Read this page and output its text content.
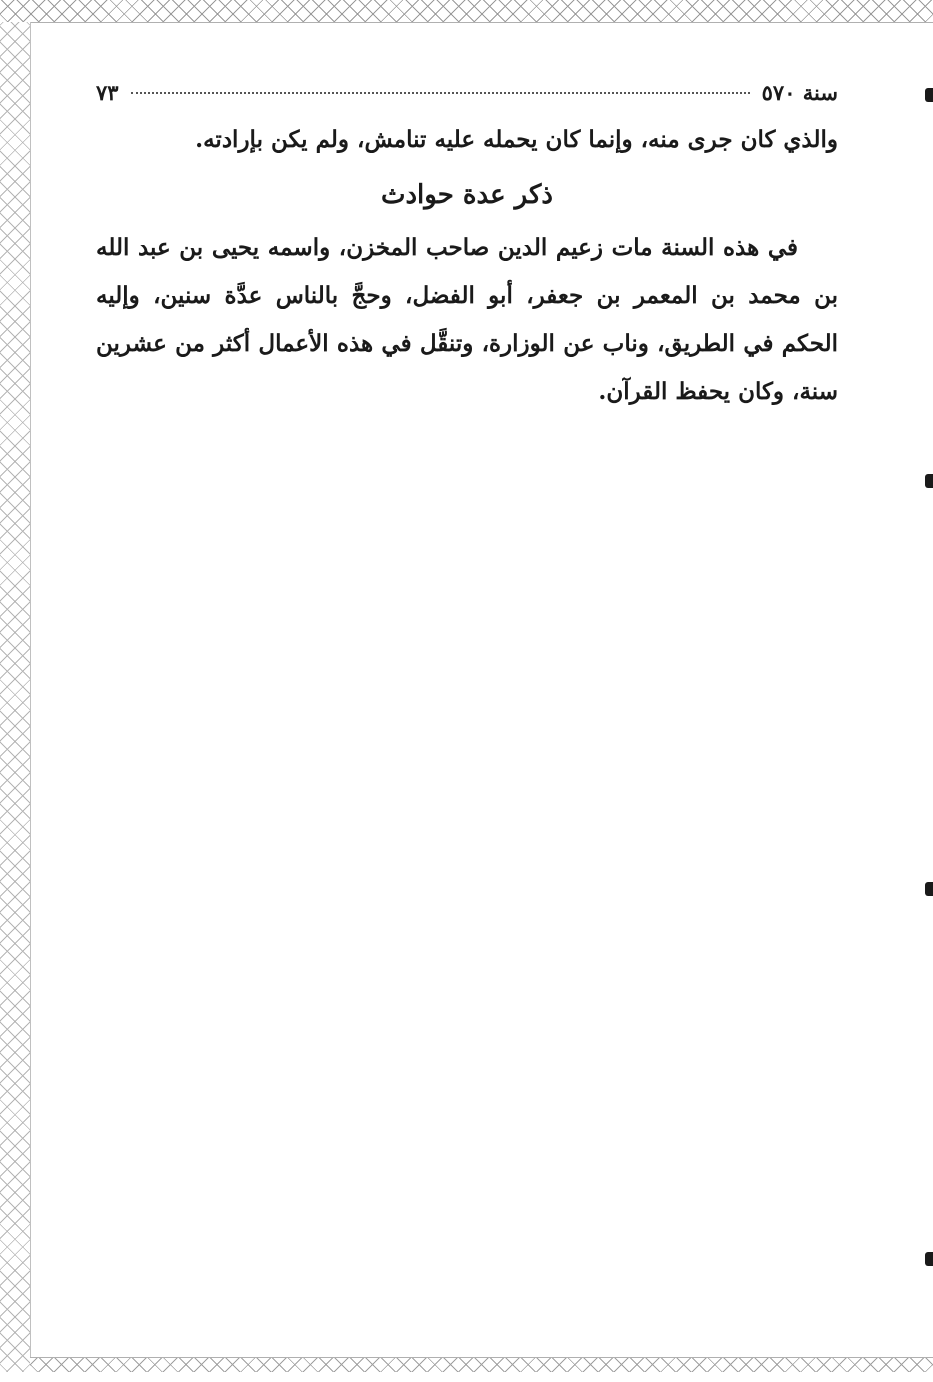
سنة ٥٧٠
٧٣

والذي كان جرى منه، وإنما كان يحمله عليه تنامش، ولم يكن بإرادته.

ذكر عدة حوادث

في هذه السنة مات زعيم الدين صاحب المخزن، واسمه يحيى بن عبد الله بن محمد بن المعمر بن جعفر، أبو الفضل، وحجَّ بالناس عدَّة سنين، وإليه الحكم في الطريق، وناب عن الوزارة، وتنقَّل في هذه الأعمال أكثر من عشرين سنة، وكان يحفظ القرآن.
